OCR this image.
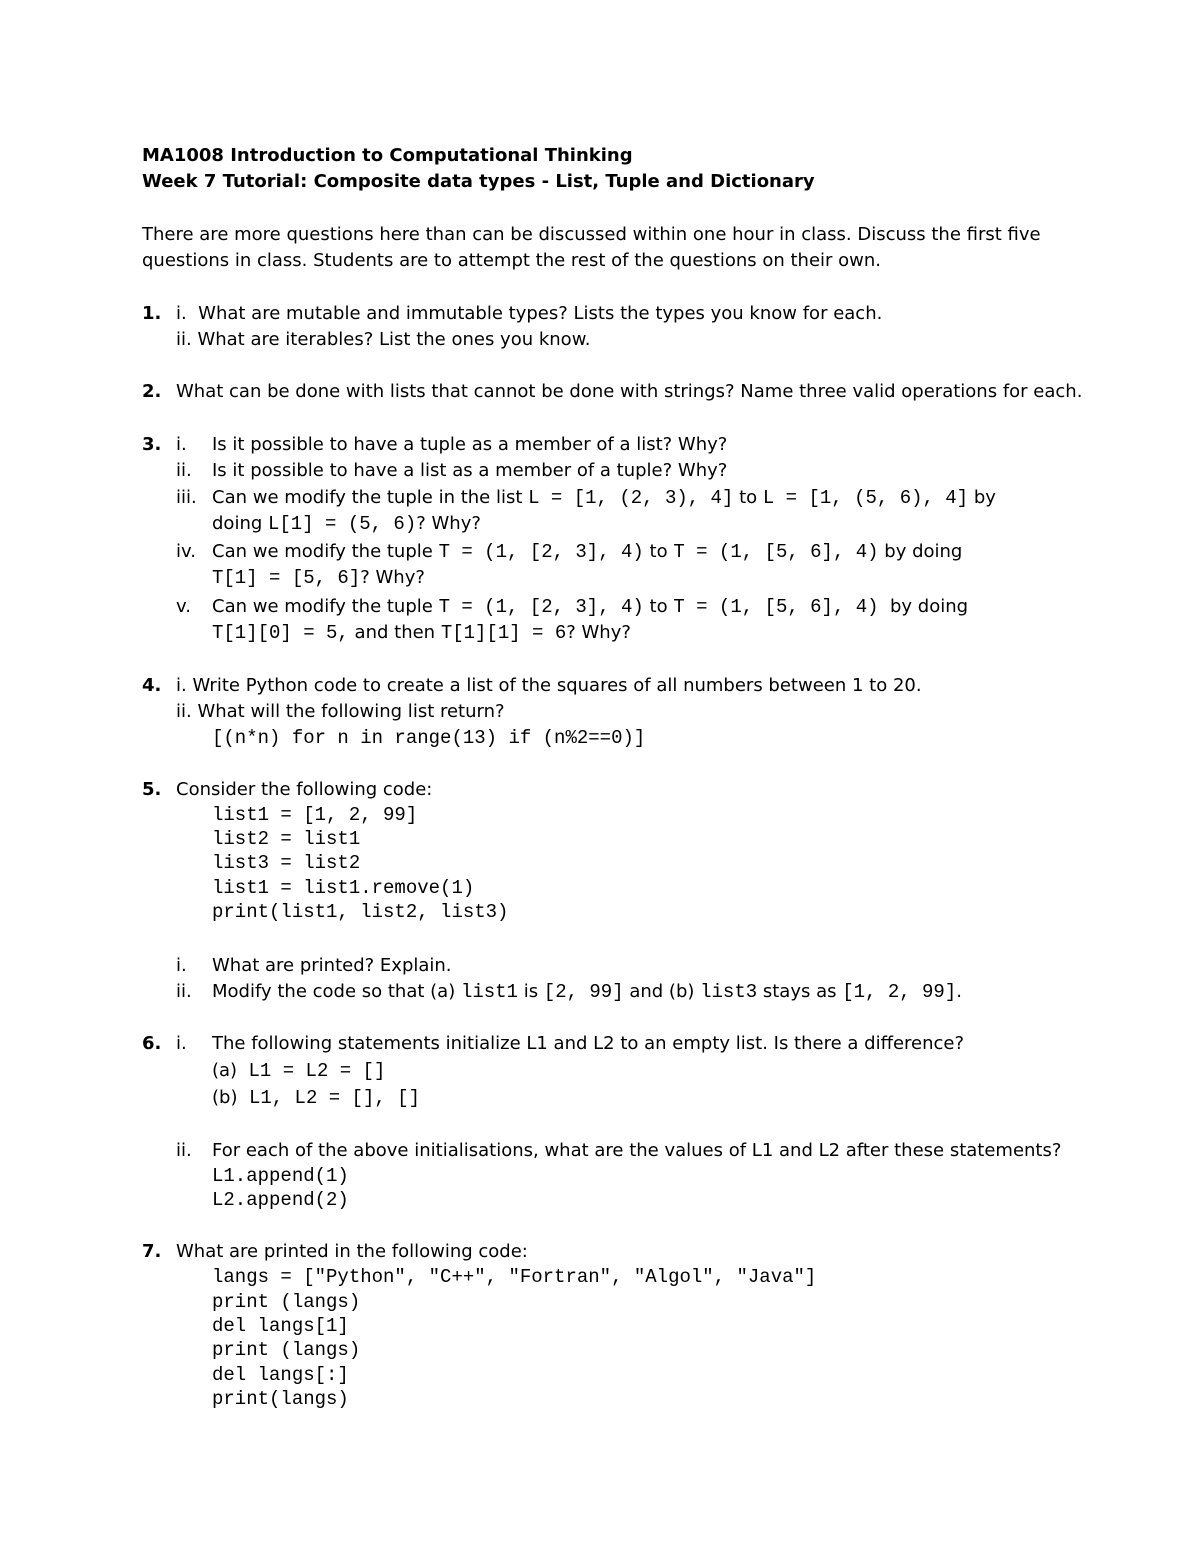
MA1008 Introduction to Computational Thinking
Week 7 Tutorial: Composite data types - List, Tuple and Dictionary
There are more questions here than can be discussed within one hour in class. Discuss the first five
questions in class. Students are to attempt the rest of the questions on their own.
1. i.  What are mutable and immutable types? Lists the types you know for each.
ii. What are iterables? List the ones you know.
2. What can be done with lists that cannot be done with strings? Name three valid operations for each.
3. i. Is it possible to have a tuple as a member of a list? Why?
ii. Is it possible to have a list as a member of a tuple? Why?
iii. Can we modify the tuple in the list L = [1, (2, 3), 4] to L = [1, (5, 6), 4] by
doing L[1] = (5, 6)? Why?
iv. Can we modify the tuple T = (1, [2, 3], 4) to T = (1, [5, 6], 4) by doing
T[1] = [5, 6]? Why?
v. Can we modify the tuple T = (1, [2, 3], 4) to T = (1, [5, 6], 4)  by doing
T[1][0] = 5, and then T[1][1] = 6? Why?
4. i. Write Python code to create a list of the squares of all numbers between 1 to 20.
ii. What will the following list return?
[(n*n) for n in range(13) if (n%2==0)]
5. Consider the following code:
list1 = [1, 2, 99]
list2 = list1
list3 = list2
list1 = list1.remove(1)
print(list1, list2, list3)
i. What are printed? Explain.
ii. Modify the code so that (a) list1 is [2, 99] and (b) list3 stays as [1, 2, 99].
6. i. The following statements initialize L1 and L2 to an empty list. Is there a difference?
(a) L1 = L2 = []
(b) L1, L2 = [], []
ii. For each of the above initialisations, what are the values of L1 and L2 after these statements?
L1.append(1)
L2.append(2)
7. What are printed in the following code:
langs = ["Python", "C++", "Fortran", "Algol", "Java"]
print (langs)
del langs[1]
print (langs)
del langs[:]
print(langs)
